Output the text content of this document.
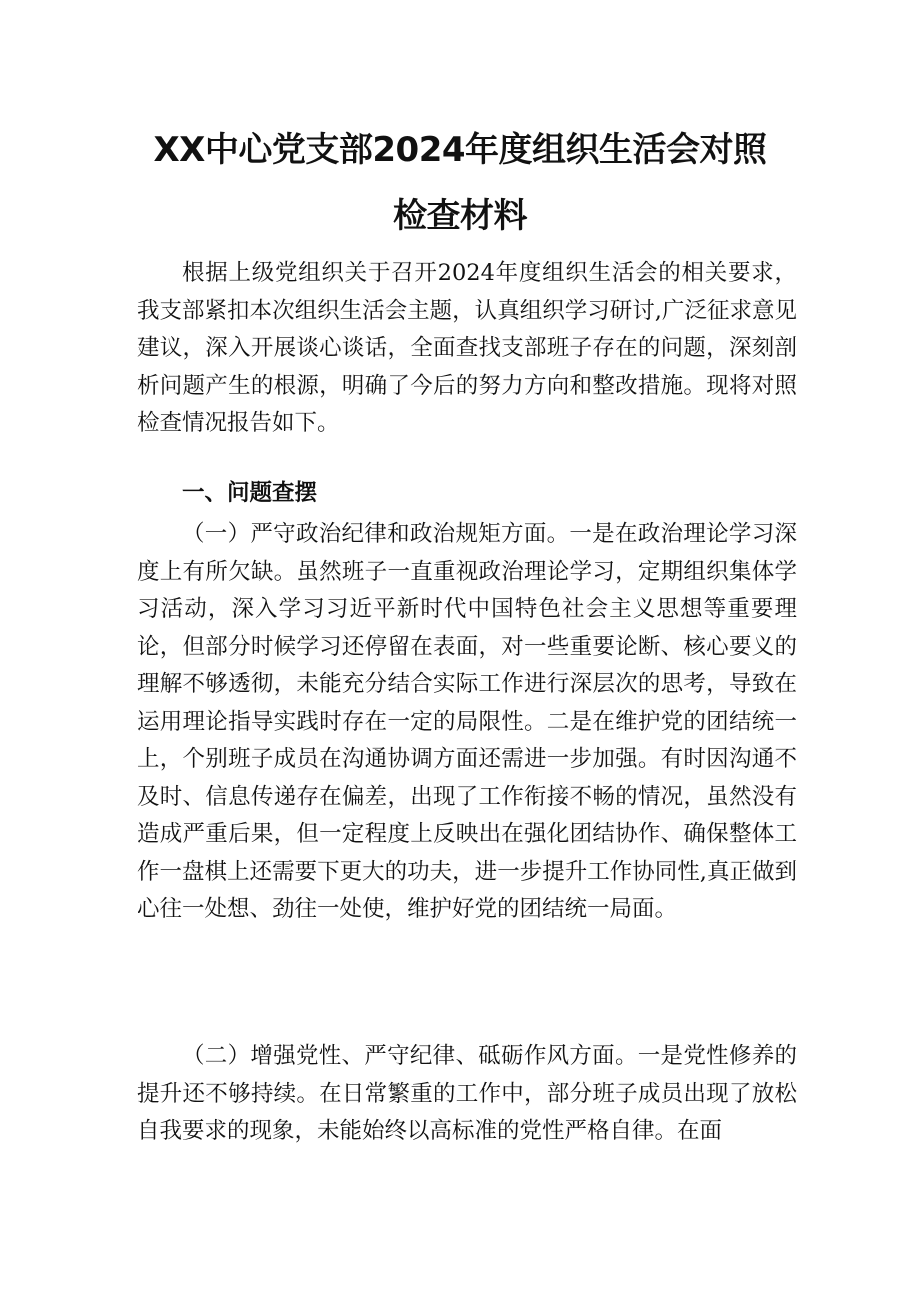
XX中心党支部2024年度组织生活会对照
检查材料

根据上级党组织关于召开2024年度组织生活会的相关要求，我支部紧扣本次组织生活会主题，认真组织学习研讨,广泛征求意见建议，深入开展谈心谈话，全面查找支部班子存在的问题，深刻剖析问题产生的根源，明确了今后的努力方向和整改措施。现将对照检查情况报告如下。

一、问题查摆

（一）严守政治纪律和政治规矩方面。一是在政治理论学习深度上有所欠缺。虽然班子一直重视政治理论学习，定期组织集体学习活动，深入学习习近平新时代中国特色社会主义思想等重要理论，但部分时候学习还停留在表面，对一些重要论断、核心要义的理解不够透彻，未能充分结合实际工作进行深层次的思考，导致在运用理论指导实践时存在一定的局限性。二是在维护党的团结统一上，个别班子成员在沟通协调方面还需进一步加强。有时因沟通不及时、信息传递存在偏差，出现了工作衔接不畅的情况，虽然没有造成严重后果，但一定程度上反映出在强化团结协作、确保整体工作一盘棋上还需要下更大的功夫，进一步提升工作协同性,真正做到心往一处想、劲往一处使，维护好党的团结统一局面。

（二）增强党性、严守纪律、砥砺作风方面。一是党性修养的提升还不够持续。在日常繁重的工作中，部分班子成员出现了放松自我要求的现象，未能始终以高标准的党性严格自律。在面
